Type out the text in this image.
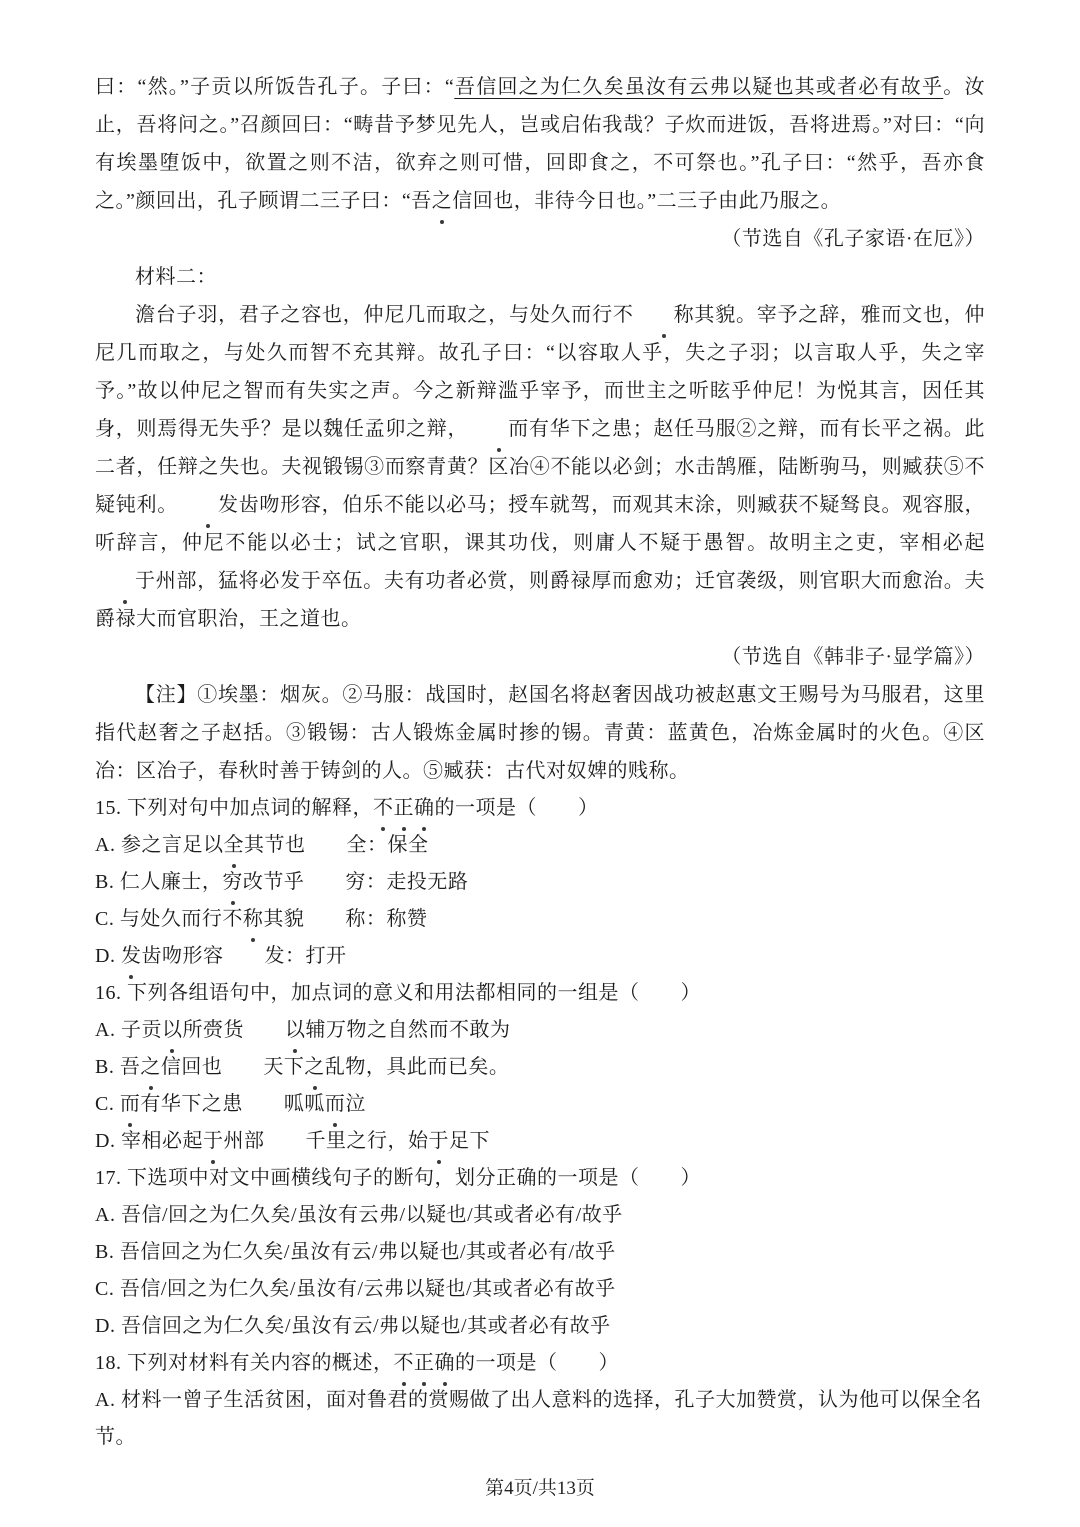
曰：“然。”子贡以所饭告孔子。子曰：“吾信回之为仁久矣虽汝有云弗以疑也其或者必有故乎。汝止，吾将问之。”召颜回曰：“畴昔予梦见先人，岂或启佑我哉？子炊而进饭，吾将进焉。”对曰：“向有埃墨堕饭中，欲置之则不洁，欲弃之则可惜，回即食之，不可祭也。”孔子曰：“然乎，吾亦食之。”颜回出，孔子顾谓二三子曰：“吾之信回也，非待今日也。”二三子由此乃服之。
（节选自《孔子家语·在厄》）
材料二：
澹台子羽，君子之容也，仲尼几而取之，与处久而行不 称其貌。宰予之辞，雅而文也，仲尼几而取之，与处久而智不充其辩。故孔子曰：“以容取人乎，失之子羽；以言取人乎，失之宰予。”故以仲尼之智而有失实之声。今之新辩滥乎宰予，而世主之听眩乎仲尼！为悦其言，因任其身，则焉得无失乎？是以魏任孟卯之辩， 而有华下之患；赵任马服②之辩，而有长平之祸。此二者，任辩之失也。夫视锻锡③而察青黄？区冶④不能以必剑；水击鹄雁，陆断驹马，则臧获⑤不疑钝利。 发齿吻形容，伯乐不能以必马；授车就驾，而观其末涂，则臧获不疑驽良。观容服，听辞言，仲尼不能以必士；试之官职，课其功伐，则庸人不疑于愚智。故明主之吏，宰相必起于州部，猛将必发于卒伍。夫有功者必赏，则爵禄厚而愈劝；迁官袭级，则官职大而愈治。夫爵禄大而官职治，王之道也。
（节选自《韩非子·显学篇》）
【注】①埃墨：烟灰。②马服：战国时，赵国名将赵奢因战功被赵惠文王赐号为马服君，这里指代赵奢之子赵括。③锻锡：古人锻炼金属时掺的锡。青黄：蓝黄色，冶炼金属时的火色。④区冶：区冶子，春秋时善于铸剑的人。⑤臧获：古代对奴婢的贱称。
15. 下列对句中加点词的解释，不正确的一项是（　　）
A. 参之言足以全其节也　　全：保全
B. 仁人廉士，穷改节乎　　穷：走投无路
C. 与处久而行不称其貌　　称：称赞
D. 发齿吻形容　　发：打开
16. 下列各组语句中，加点词的意义和用法都相同的一组是（　　）
A. 子贡以所赍货　　以辅万物之自然而不敢为
B. 吾之信回也　　天下之乱物，具此而已矣。
C. 而有华下之患　　呱呱而泣
D. 宰相必起于州部　　千里之行，始于足下
17. 下选项中对文中画横线句子的断句，划分正确的一项是（　　）
A. 吾信/回之为仁久矣/虽汝有云弗/以疑也/其或者必有/故乎
B. 吾信回之为仁久矣/虽汝有云/弗以疑也/其或者必有/故乎
C. 吾信/回之为仁久矣/虽汝有/云弗以疑也/其或者必有故乎
D. 吾信回之为仁久矣/虽汝有云/弗以疑也/其或者必有故乎
18. 下列对材料有关内容的概述，不正确的一项是（　　）
A. 材料一曾子生活贫困，面对鲁君的赏赐做了出人意料的选择，孔子大加赞赏，认为他可以保全名节。
第4页/共13页
